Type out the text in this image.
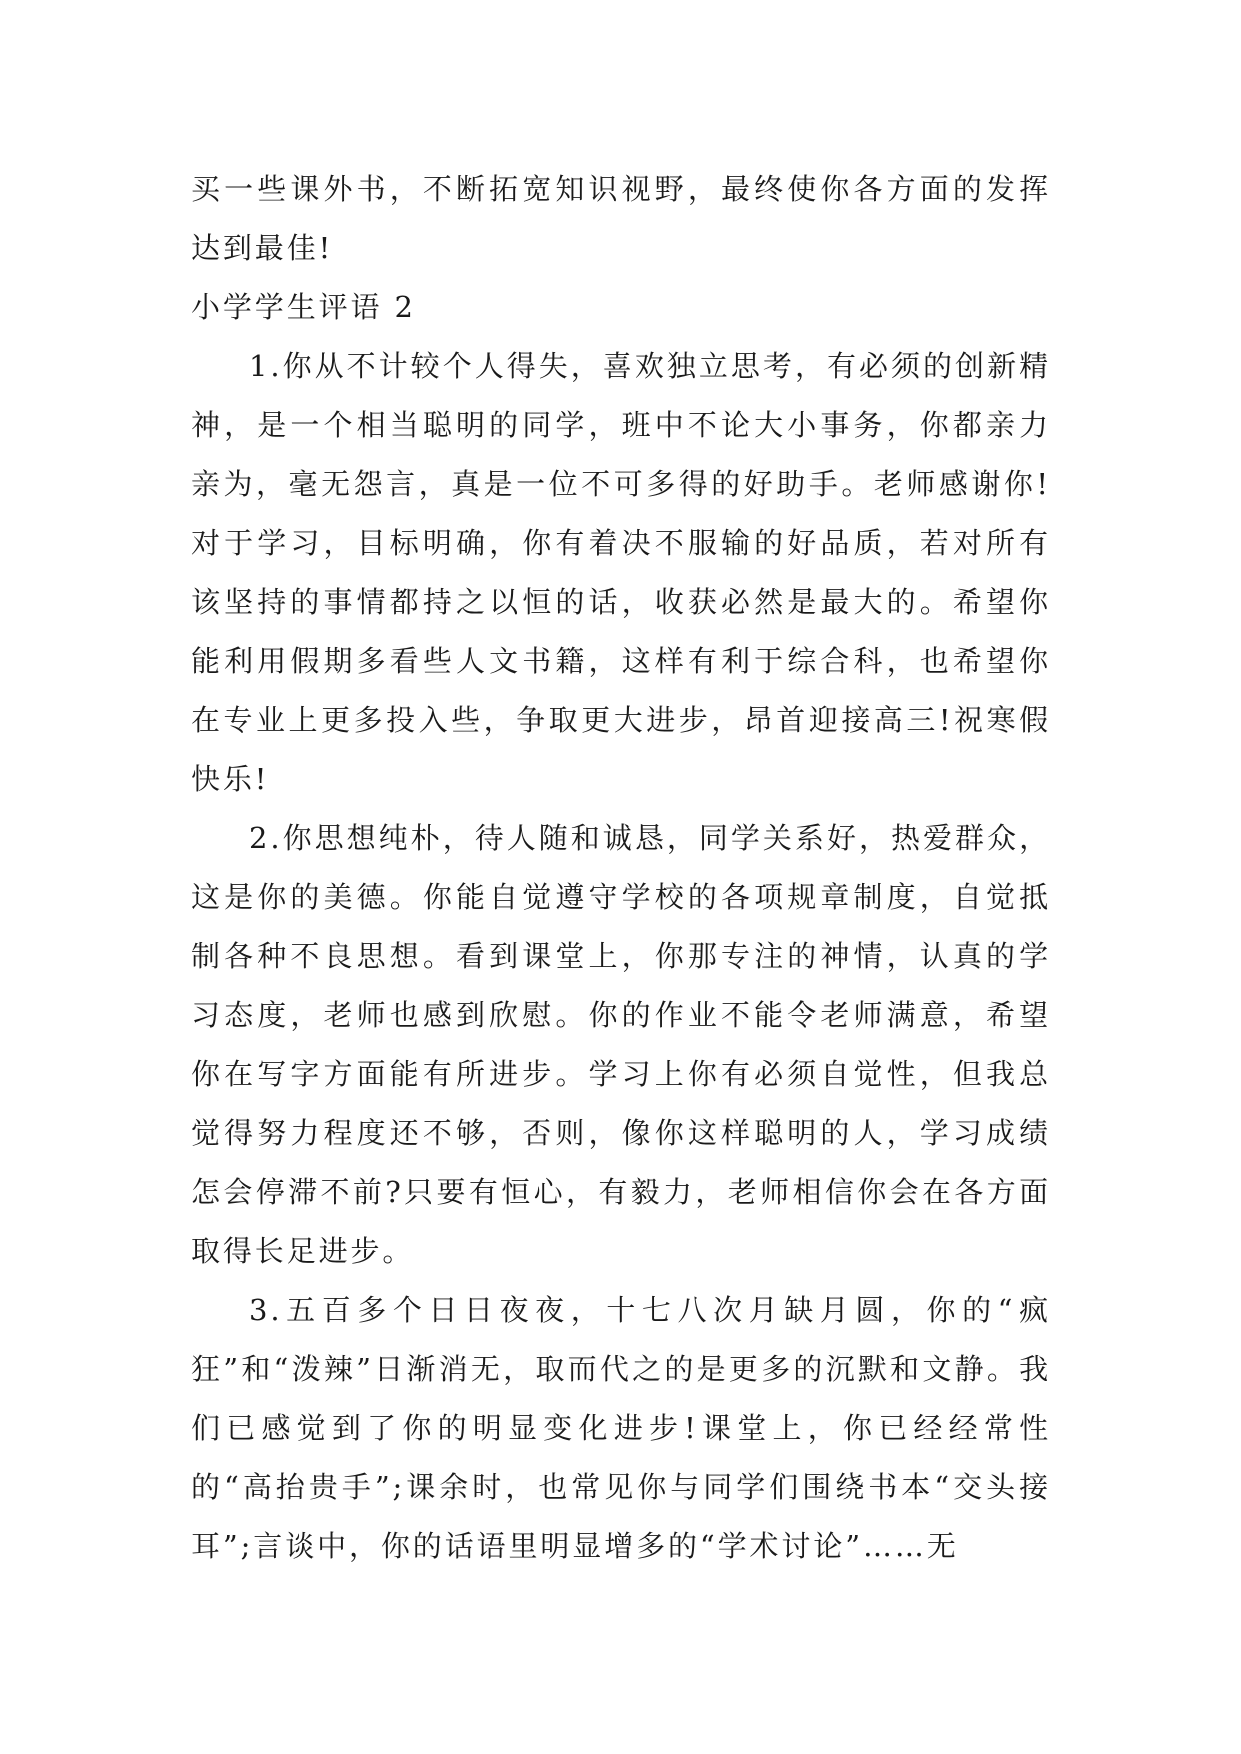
买一些课外书，不断拓宽知识视野，最终使你各方面的发挥达到最佳!

小学学生评语 2

1.你从不计较个人得失，喜欢独立思考，有必须的创新精神，是一个相当聪明的同学，班中不论大小事务，你都亲力亲为，毫无怨言，真是一位不可多得的好助手。老师感谢你!对于学习，目标明确，你有着决不服输的好品质，若对所有该坚持的事情都持之以恒的话，收获必然是最大的。希望你能利用假期多看些人文书籍，这样有利于综合科，也希望你在专业上更多投入些，争取更大进步，昂首迎接高三!祝寒假快乐!

2.你思想纯朴，待人随和诚恳，同学关系好，热爱群众，这是你的美德。你能自觉遵守学校的各项规章制度，自觉抵制各种不良思想。看到课堂上，你那专注的神情，认真的学习态度，老师也感到欣慰。你的作业不能令老师满意，希望你在写字方面能有所进步。学习上你有必须自觉性，但我总觉得努力程度还不够，否则，像你这样聪明的人，学习成绩怎会停滞不前?只要有恒心，有毅力，老师相信你会在各方面取得长足进步。

3.五百多个日日夜夜，十七八次月缺月圆，你的“疯狂”和“泼辣”日渐消无，取而代之的是更多的沉默和文静。我们已感觉到了你的明显变化进步!课堂上，你已经经常性的“高抬贵手”;课余时，也常见你与同学们围绕书本“交头接耳”;言谈中，你的话语里明显增多的“学术讨论”……无
